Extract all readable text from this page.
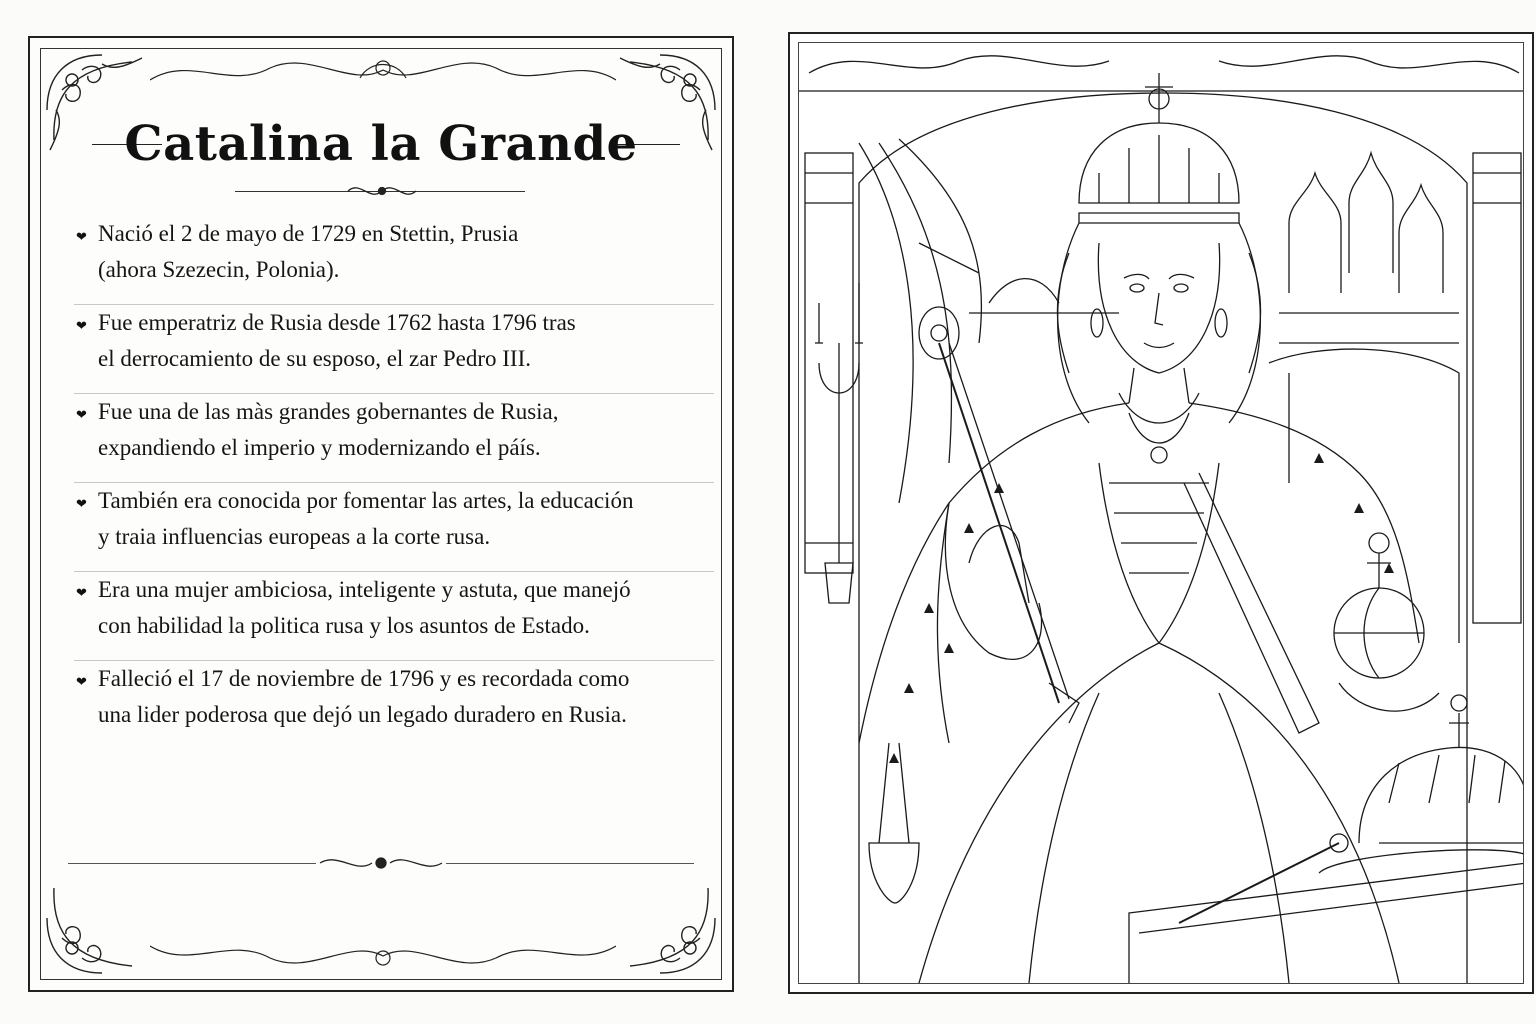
Catalina la Grande
❤ Nació el 2 de mayo de 1729 en Stettin, Prusia
(ahora Szezecin, Polonia).
❤ Fue emperatriz de Rusia desde 1762 hasta 1796 tras
el derrocamiento de su esposo, el zar Pedro III.
❤ Fue una de las màs grandes gobernantes de Rusia,
expandiendo el imperio y modernizando el páís.
❤ También era conocida por fomentar las artes, la educación
y traia influencias europeas a la corte rusa.
❤ Era una mujer ambiciosa, inteligente y astuta, que manejó
con habilidad la politica rusa y los asuntos de Estado.
❤ Falleció el 17 de noviembre de 1796 y es recordada como
una lider poderosa que dejó un legado duradero en Rusia.
